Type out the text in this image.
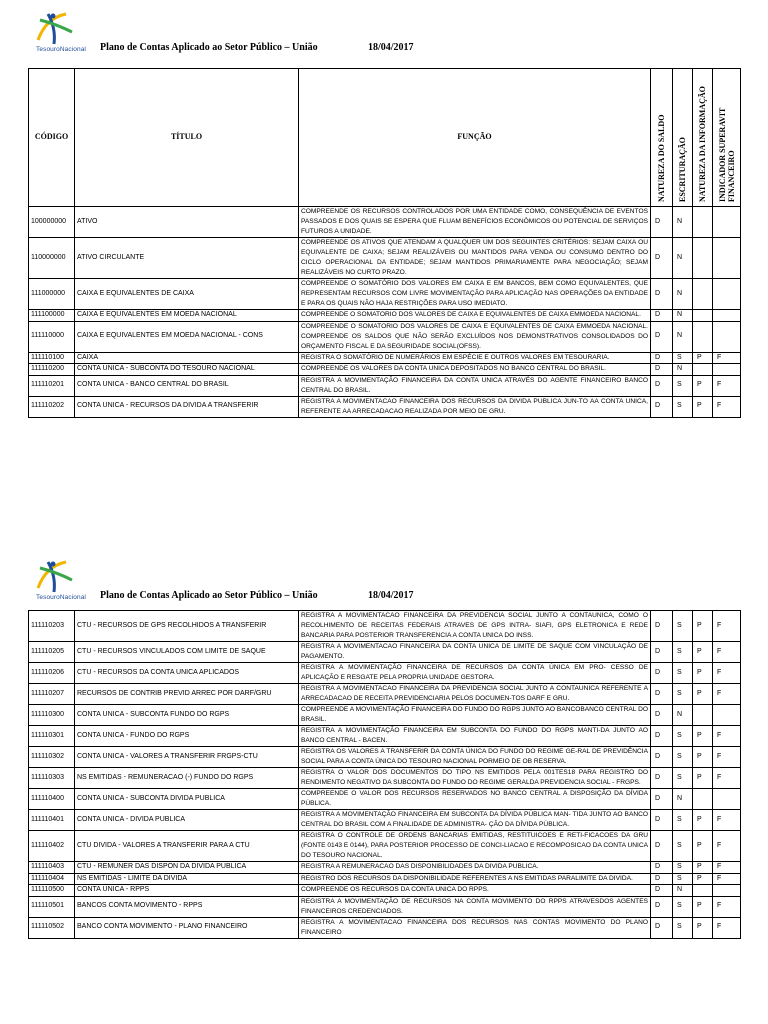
TesouroNacional	Plano de Contas Aplicado ao Setor Público – União	18/04/2017
CÓDIGO	TÍTULO	FUNÇÃO	NATUREZA DO SALDO	ESCRITURAÇÃO	NATUREZA DA INFORMAÇÃO	INDICADOR SUPERAVIT FINANCEIRO

100000000	ATIVO	COMPREENDE OS RECURSOS CONTROLADOS POR UMA ENTIDADE COMO, CONSEQUÊNCIA DE EVENTOS PASSADOS E DOS QUAIS SE ESPERA QUE FLUAM BENEFÍCIOS ECONÔMICOS OU POTENCIAL DE SERVIÇOS FUTUROS A UNIDADE.	D	N		
110000000	ATIVO CIRCULANTE	COMPREENDE OS ATIVOS QUE ATENDAM A QUALQUER UM DOS SEGUINTES CRITÉRIOS: SEJAM CAIXA OU EQUIVALENTE DE CAIXA; SEJAM REALIZÁVEIS OU MANTIDOS PARA VENDA OU CONSUMO DENTRO DO CICLO OPERACIONAL DA ENTIDADE; SEJAM MANTIDOS PRIMARIAMENTE PARA NEGOCIAÇÃO; SEJAM REALIZÁVEIS NO CURTO PRAZO.	D	N		
111000000	CAIXA E EQUIVALENTES DE CAIXA	COMPREENDE O SOMATÓRIO DOS VALORES EM CAIXA E EM BANCOS, BEM COMO EQUIVALENTES, QUE REPRESENTAM RECURSOS COM LIVRE MOVIMENTAÇÃO PARA APLICAÇÃO NAS OPERAÇÕES DA ENTIDADE E PARA OS QUAIS NÃO HAJA RESTRIÇÕES PARA USO IMEDIATO.	D	N		
111100000	CAIXA E EQUIVALENTES EM MOEDA NACIONAL	COMPREENDE O SOMATORIO DOS VALORES DE CAIXA E EQUIVALENTES DE CAIXA EMMOEDA NACIONAL.	D	N		
111110000	CAIXA E EQUIVALENTES EM MOEDA NACIONAL - CONS	COMPREENDE O SOMATORIO DOS VALORES DE CAIXA E EQUIVALENTES DE CAIXA EMMOEDA NACIONAL. COMPREENDE OS SALDOS QUE NÃO SERÃO EXCLUÍDOS NOS DEMONSTRATIVOS CONSOLIDADOS DO ORÇAMENTO FISCAL E DA SEGURIDADE SOCIAL(OFSS).	D	N		
111110100	CAIXA	REGISTRA O SOMATÓRIO DE NUMERÁRIOS EM ESPÉCIE E OUTROS VALORES EM TESOURARIA.	D	S	P	F
111110200	CONTA UNICA - SUBCONTA DO TESOURO NACIONAL	COMPREENDE OS VALORES DA CONTA UNICA DEPOSITADOS NO BANCO CENTRAL DO BRASIL.	D	N		
111110201	CONTA UNICA - BANCO CENTRAL DO BRASIL	REGISTRA A MOVIMENTAÇÃO FINANCEIRA DA CONTA UNICA ATRAVÉS DO AGENTE FINANCEIRO BANCO CENTRAL DO BRASIL.	D	S	P	F
111110202	CONTA UNICA - RECURSOS DA DIVIDA A TRANSFERIR	REGISTRA A MOVIMENTACAO FINANCEIRA DOS RECURSOS DA DIVIDA PUBLICA JUN-TO AA CONTA UNICA, REFERENTE AA ARRECADACAO REALIZADA POR MEIO DE GRU.	D	S	P	F
TesouroNacional	Plano de Contas Aplicado ao Setor Público – União	18/04/2017
111110203	CTU - RECURSOS DE GPS RECOLHIDOS A TRANSFERIR	REGISTRA A MOVIMENTACAO FINANCEIRA DA PREVIDENCIA SOCIAL JUNTO A CONTAUNICA, COMO O RECOLHIMENTO DE RECEITAS FEDERAIS ATRAVES DE GPS INTRA- SIAFI, GPS ELETRONICA E REDE BANCARIA PARA POSTERIOR TRANSFERENCIA A CONTA UNICA DO INSS.	D	S	P	F
111110205	CTU - RECURSOS VINCULADOS COM LIMITE DE SAQUE	REGISTRA A MOVIMENTACAO FINANCEIRA DA CONTA UNICA DE LIMITE DE SAQUE COM VINCULAÇÃO DE PAGAMENTO.	D	S	P	F
111110206	CTU - RECURSOS DA CONTA UNICA APLICADOS	REGISTRA A MOVIMENTAÇÃO FINANCEIRA DE RECURSOS DA CONTA ÚNICA EM PRO- CESSO DE APLICAÇÃO E RESGATE PELA PROPRIA UNIDADE GESTORA.	D	S	P	F
111110207	RECURSOS DE CONTRIB PREVID ARREC POR DARF/GRU	REGISTRA A MOVIMENTACAO FINANCEIRA DA PREVIDENCIA SOCIAL JUNTO A CONTAUNICA REFERENTE A ARRECADACAO DE RECEITA PREVIDENCIARIA PELOS DOCUMEN-TOS DARF E GRU.	D	S	P	F
111110300	CONTA UNICA - SUBCONTA FUNDO DO RGPS	COMPREENDE A MOVIMENTAÇÃO FINANCEIRA DO FUNDO DO RGPS JUNTO AO BANCOBANCO CENTRAL DO BRASIL.	D	N		
111110301	CONTA UNICA - FUNDO DO RGPS	REGISTRA A MOVIMENTAÇÃO FINANCEIRA EM SUBCONTA DO FUNDO DO RGPS MANTI-DA JUNTO AO BANCO CENTRAL - BACEN.	D	S	P	F
111110302	CONTA UNICA - VALORES A TRANSFERIR FRGPS-CTU	REGISTRA OS VALORES A TRANSFERIR DA CONTA ÚNICA DO FUNDO DO REGIME GE-RAL DE PREVIDÊNCIA SOCIAL PARA A CONTA ÚNICA DO TESOURO NACIONAL PORMEIO DE OB RESERVA.	D	S	P	F
111110303	NS EMITIDAS - REMUNERACAO (-) FUNDO DO RGPS	REGISTRA O VALOR DOS DOCUMENTOS DO TIPO NS EMITIDOS PELA 001TES18 PARA REGISTRO DO RENDIMENTO NEGATIVO DA SUBCONTA DO FUNDO DO REGIME GERALDA PREVIDENCIA SOCIAL - FRGPS.	D	S	P	F
111110400	CONTA UNICA - SUBCONTA DIVIDA PUBLICA	COMPREENDE O VALOR DOS RECURSOS RESERVADOS NO BANCO CENTRAL A DISPOSIÇÃO DA DÍVIDA PÚBLICA.	D	N		
111110401	CONTA UNICA - DIVIDA PUBLICA	REGISTRA A MOVIMENTAÇÃO FINANCEIRA EM SUBCONTA DA DÍVIDA PÚBLICA MAN- TIDA JUNTO AO BANCO CENTRAL DO BRASIL COM A FINALIDADE DE ADMINISTRA- ÇÃO DA DÍVIDA PÚBLICA.	D	S	P	F
111110402	CTU DIVIDA - VALORES A TRANSFERIR PARA A CTU	REGISTRA O CONTROLE DE ORDENS BANCARIAS EMITIDAS, RESTITUICOES E RETI-FICACOES DA GRU (FONTE 0143 E 0144), PARA POSTERIOR PROCESSO DE CONCI-LIACAO E RECOMPOSICAO DA CONTA UNICA DO TESOURO NACIONAL.	D	S	P	F
111110403	CTU - REMUNER DAS DISPON DA DIVIDA PUBLICA	REGISTRA A REMUNERACAO DAS DISPONIBILIDADES DA DIVIDA PUBLICA.	D	S	P	F
111110404	NS EMITIDAS - LIMITE DA DIVIDA	REGISTRO DOS RECURSOS DA DISPONIBILIDADE REFERENTES A NS EMITIDAS PARALIMITE DA DIVIDA.	D	S	P	F
111110500	CONTA UNICA - RPPS	COMPREENDE OS RECURSOS DA CONTA UNICA DO RPPS.	D	N		
111110501	BANCOS CONTA MOVIMENTO - RPPS	REGISTRA A MOVIMENTAÇÃO DE RECURSOS NA CONTA MOVIMENTO DO RPPS ATRAVESDOS AGENTES FINANCEIROS CREDENCIADOS.	D	S	P	F
111110502	BANCO CONTA MOVIMENTO - PLANO FINANCEIRO	REGISTRA A MOVIMENTACAO FINANCEIRA DOS RECURSOS NAS CONTAS MOVIMENTO DO PLANO FINANCEIRO	D	S	P	F
